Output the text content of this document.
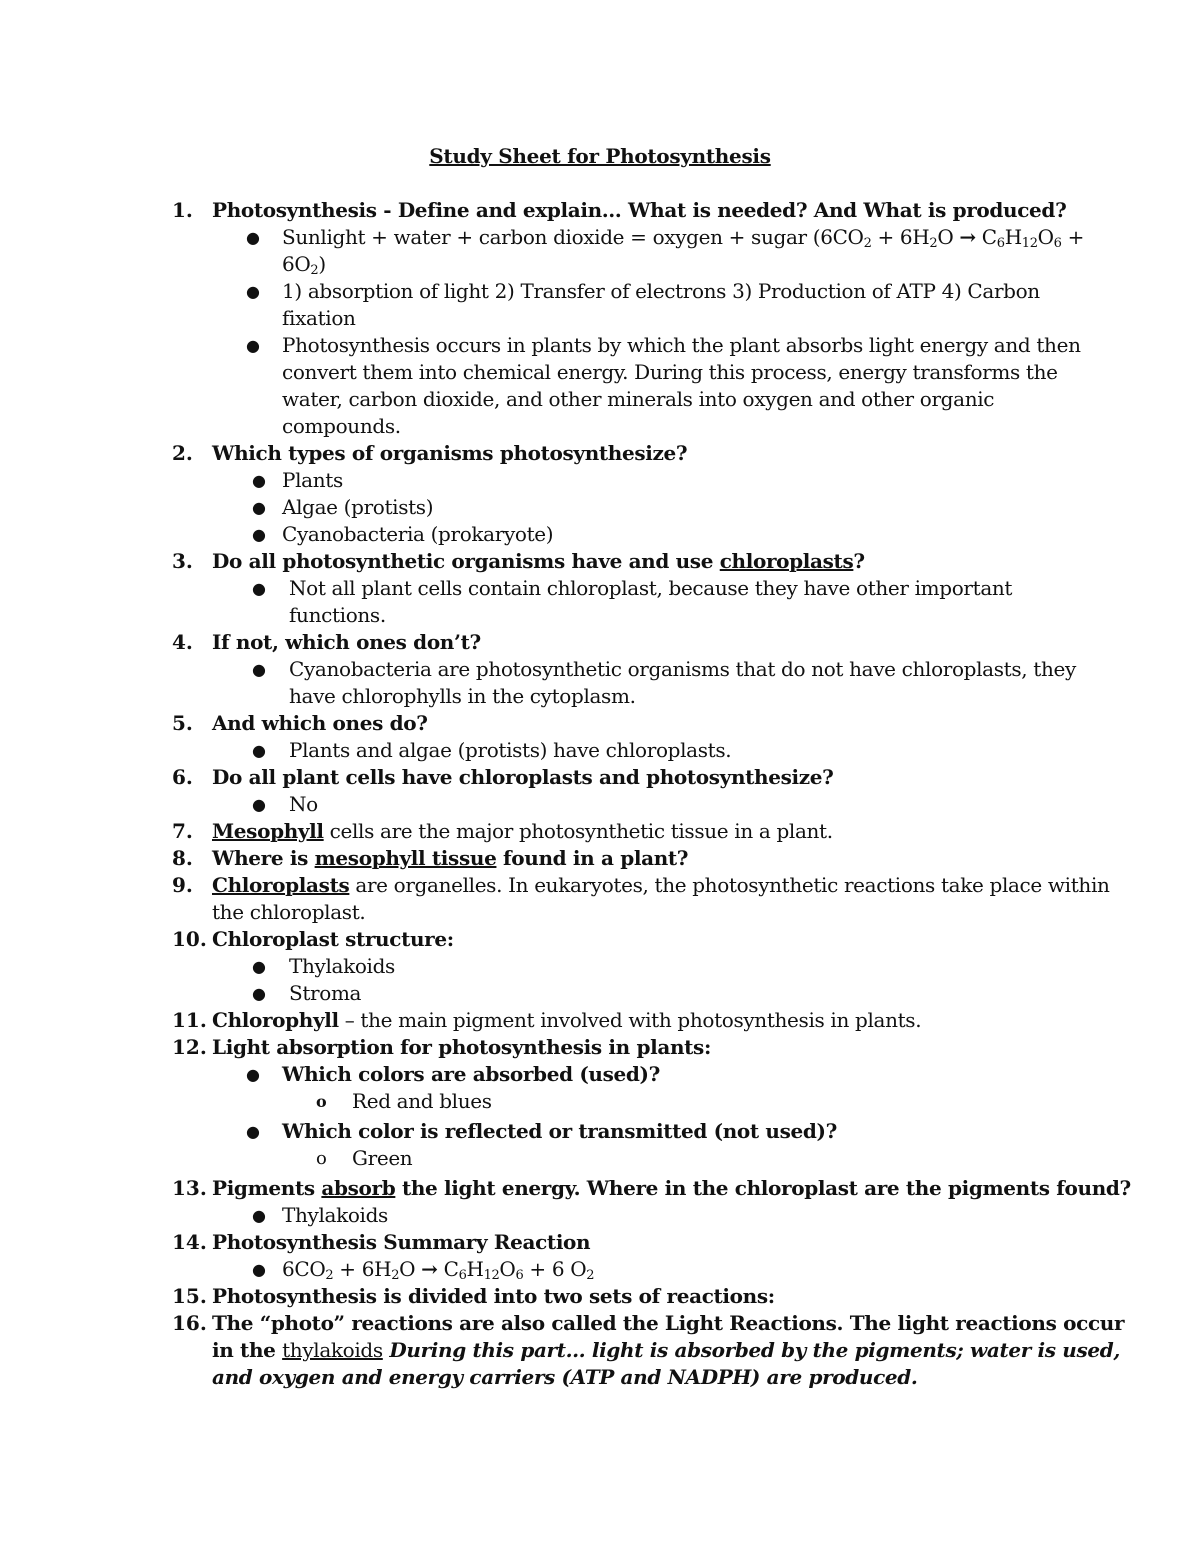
Study Sheet for Photosynthesis
1. Photosynthesis - Define and explain… What is needed? And What is produced?
● Sunlight + water + carbon dioxide = oxygen + sugar ($6CO_2 + 6H_2O \to C_6H_{12}O_6$ +
$6O_2$)
● 1) absorption of light 2) Transfer of electrons 3) Production of ATP 4) Carbon
fixation
● Photosynthesis occurs in plants by which the plant absorbs light energy and then
convert them into chemical energy. During this process, energy transforms the
water, carbon dioxide, and other minerals into oxygen and other organic
compounds.
2. Which types of organisms photosynthesize?
● Plants
● Algae (protists)
● Cyanobacteria (prokaryote)
3. Do all photosynthetic organisms have and use chloroplasts?
● Not all plant cells contain chloroplast, because they have other important
functions.
4. If not, which ones don’t?
● Cyanobacteria are photosynthetic organisms that do not have chloroplasts, they
have chlorophylls in the cytoplasm.
5. And which ones do?
● Plants and algae (protists) have chloroplasts.
6. Do all plant cells have chloroplasts and photosynthesize?
● No
7. Mesophyll cells are the major photosynthetic tissue in a plant.
8. Where is mesophyll tissue found in a plant?
9. Chloroplasts are organelles. In eukaryotes, the photosynthetic reactions take place within
the chloroplast.
10. Chloroplast structure:
● Thylakoids
● Stroma
11. Chlorophyll – the main pigment involved with photosynthesis in plants.
12. Light absorption for photosynthesis in plants:
● Which colors are absorbed (used)?
o Red and blues
● Which color is reflected or transmitted (not used)?
o Green
13. Pigments absorb the light energy. Where in the chloroplast are the pigments found?
● Thylakoids
14. Photosynthesis Summary Reaction
● $6CO_2 + 6H_2O \to C_6H_{12}O_6 + 6$ $O_2$
15. Photosynthesis is divided into two sets of reactions:
16. The “photo” reactions are also called the Light Reactions. The light reactions occur
in the thylakoids During this part… light is absorbed by the pigments; water is used,
and oxygen and energy carriers (ATP and NADPH) are produced.
